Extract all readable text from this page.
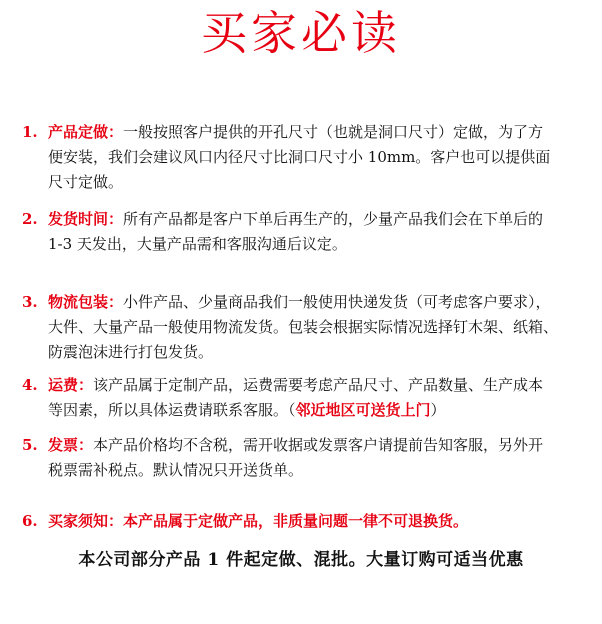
买家必读
1. 产品定做：一般按照客户提供的开孔尺寸（也就是洞口尺寸）定做，为了方
便安装，我们会建议风口内径尺寸比洞口尺寸小 10mm。客户也可以提供面
尺寸定做。
2. 发货时间：所有产品都是客户下单后再生产的，少量产品我们会在下单后的
1-3 天发出，大量产品需和客服沟通后议定。
3. 物流包装：小件产品、少量商品我们一般使用快递发货（可考虑客户要求），
大件、大量产品一般使用物流发货。包装会根据实际情况选择钉木架、纸箱、
防震泡沫进行打包发货。
4. 运费：该产品属于定制产品，运费需要考虑产品尺寸、产品数量、生产成本
等因素，所以具体运费请联系客服。（邻近地区可送货上门）
5. 发票：本产品价格均不含税，需开收据或发票客户请提前告知客服，另外开
税票需补税点。默认情况只开送货单。
6. 买家须知：本产品属于定做产品，非质量问题一律不可退换货。
本公司部分产品 1 件起定做、混批。大量订购可适当优惠
